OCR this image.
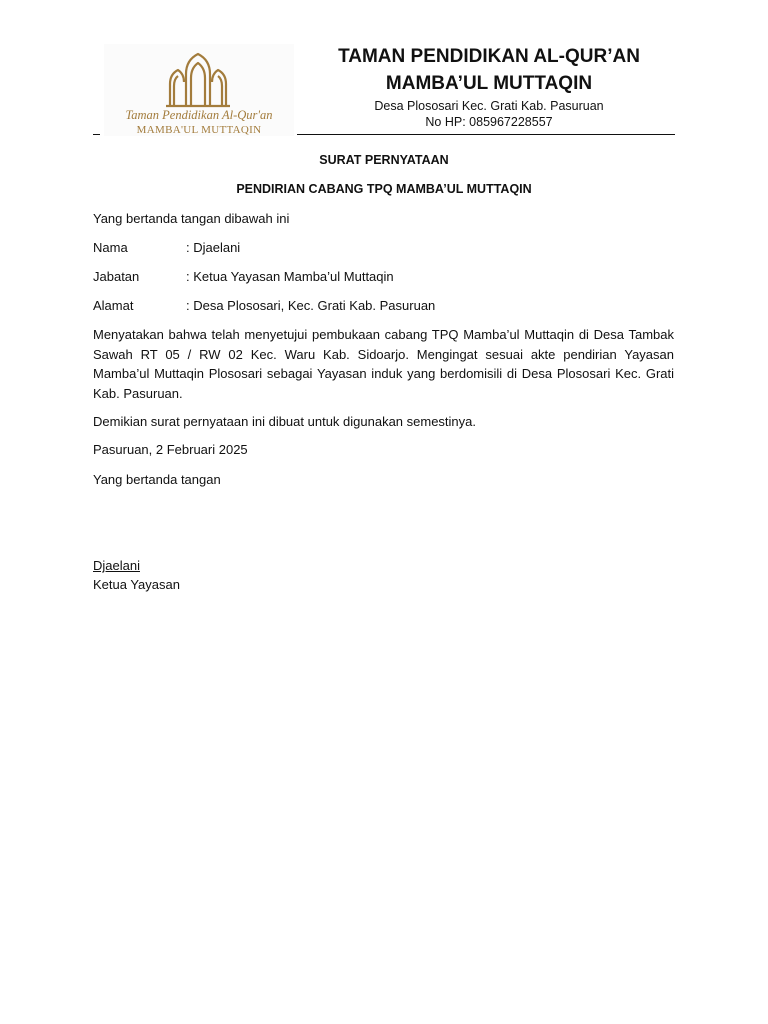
Taman Pendidikan Al-Qur'an
MAMBA'UL MUTTAQIN
TAMAN PENDIDIKAN AL-QUR’AN
MAMBA’UL MUTTAQIN
Desa Plososari Kec. Grati Kab. Pasuruan
No HP: 085967228557
SURAT PERNYATAAN
PENDIRIAN CABANG TPQ MAMBA’UL MUTTAQIN
Yang bertanda tangan dibawah ini
Nama	: Djaelani
Jabatan	: Ketua Yayasan Mamba’ul Muttaqin
Alamat	: Desa Plososari, Kec. Grati Kab. Pasuruan
Menyatakan bahwa telah menyetujui pembukaan cabang TPQ Mamba’ul Muttaqin di Desa Tambak Sawah RT 05 / RW 02 Kec. Waru Kab. Sidoarjo. Mengingat sesuai akte pendirian Yayasan Mamba’ul Muttaqin Plososari sebagai Yayasan induk yang berdomisili di Desa Plososari Kec. Grati Kab. Pasuruan.
Demikian surat pernyataan ini dibuat untuk digunakan semestinya.
Pasuruan, 2 Februari 2025
Yang bertanda tangan
Djaelani
Ketua Yayasan
